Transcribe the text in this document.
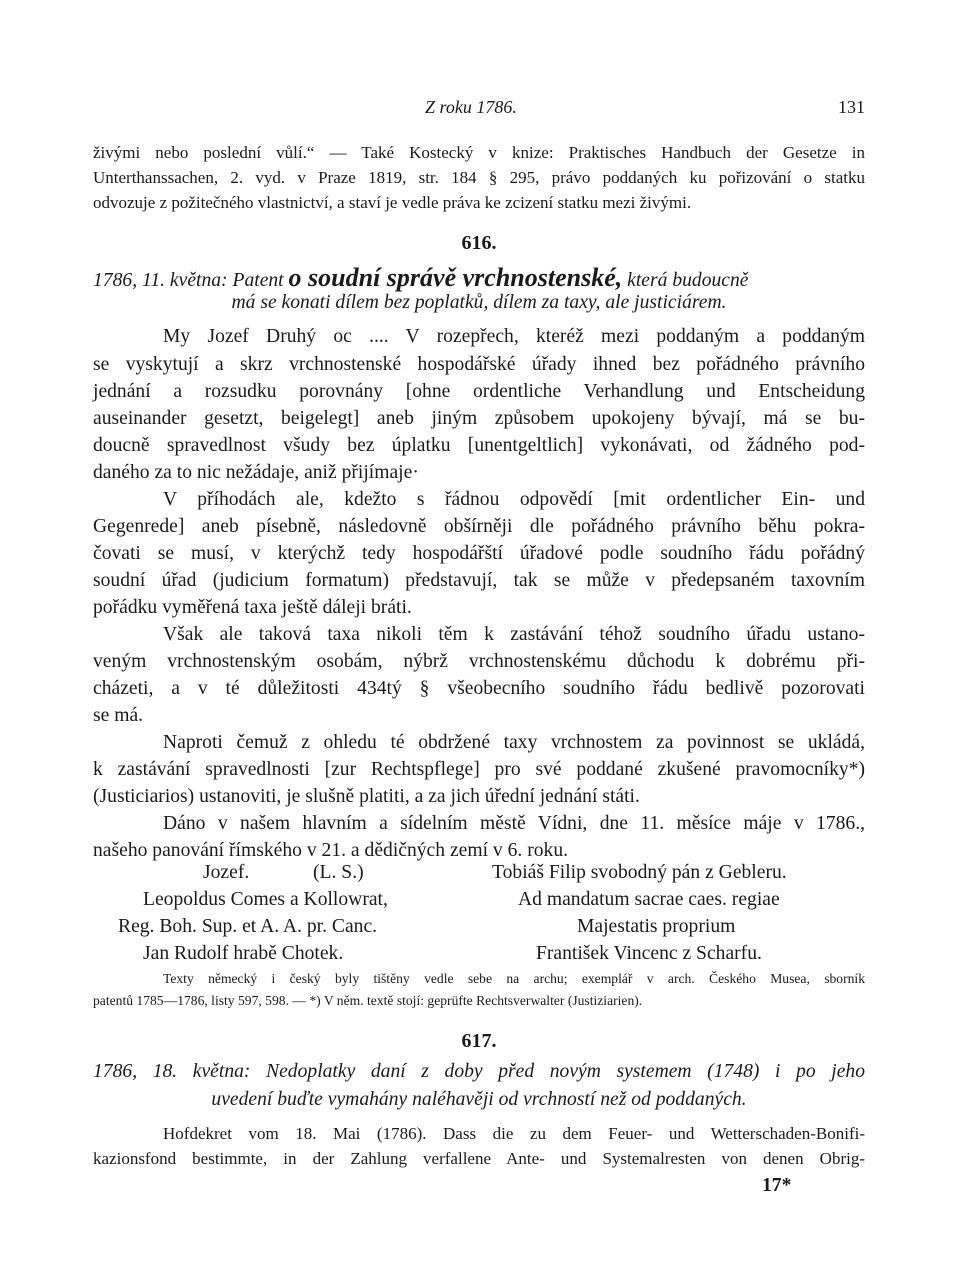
Z roku 1786.	131
živými nebo poslední vůlí.“ — Také Kostecký v knize: Praktisches Handbuch der Gesetze in
Unterthanssachen, 2. vyd. v Praze 1819, str. 184 § 295, právo poddaných ku pořizování o statku
odvozuje z požitečného vlastnictví, a staví je vedle práva ke zcizení statku mezi živými.
616.
1786, 11. května: Patent o soudní správě vrchnostenské, která budoucně
má se konati dílem bez poplatků, dílem za taxy, ale justiciárem.
My Jozef Druhý oc .... V rozepřech, kteréž mezi poddaným a poddaným
se vyskytují a skrz vrchnostenské hospodářské úřady ihned bez pořádného právního
jednání a rozsudku porovnány [ohne ordentliche Verhandlung und Entscheidung
auseinander gesetzt, beigelegt] aneb jiným způsobem upokojeny bývají, má se bu-
doucně spravedlnost všudy bez úplatku [unentgeltlich] vykonávati, od žádného pod-
daného za to nic nežádaje, aniž přijímaje·
V příhodách ale, kdežto s řádnou odpovědí [mit ordentlicher Ein- und
Gegenrede] aneb písebně, následovně obšírněji dle pořádného právního běhu pokra-
čovati se musí, v kterýchž tedy hospodářští úřadové podle soudního řádu pořádný
soudní úřad (judicium formatum) představují, tak se může v předepsaném taxovním
pořádku vyměřená taxa ještě dáleji bráti.
Však ale taková taxa nikoli těm k zastávání téhož soudního úřadu ustano-
veným vrchnostenským osobám, nýbrž vrchnostenskému důchodu k dobrému při-
cházeti, a v té důležitosti 434tý § všeobecního soudního řádu bedlivě pozorovati
se má.
Naproti čemuž z ohledu té obdržené taxy vrchnostem za povinnost se ukládá,
k zastávání spravedlnosti [zur Rechtspflege] pro své poddané zkušené pravomocníky*)
(Justiciarios) ustanoviti, je slušně platiti, a za jich úřední jednání státi.
Dáno v našem hlavním a sídelním městě Vídni, dne 11. měsíce máje v 1786.,
našeho panování římského v 21. a dědičných zemí v 6. roku.
Jozef.	(L. S.)
Leopoldus Comes a Kollowrat,
Reg. Boh. Sup. et A. A. pr. Canc.
Jan Rudolf hrabě Chotek.
Tobiáš Filip svobodný pán z Gebleru.
Ad mandatum sacrae caes. regiae
Majestatis proprium
František Vincenc z Scharfu.
Texty německý i český byly tištěny vedle sebe na archu; exemplář v arch. Českého Musea, sborník
patentů 1785—1786, listy 597, 598. — *) V něm. textě stojí: geprüfte Rechtsverwalter (Justiziarien).
617.
1786, 18. května: Nedoplatky daní z doby před novým systemem (1748) i po jeho
uvedení buďte vymahány naléhavěji od vrchností než od poddaných.
Hofdekret vom 18. Mai (1786). Dass die zu dem Feuer- und Wetterschaden-Bonifi-
kazionsfond bestimmte, in der Zahlung verfallene Ante- und Systemalresten von denen Obrig-
17*
